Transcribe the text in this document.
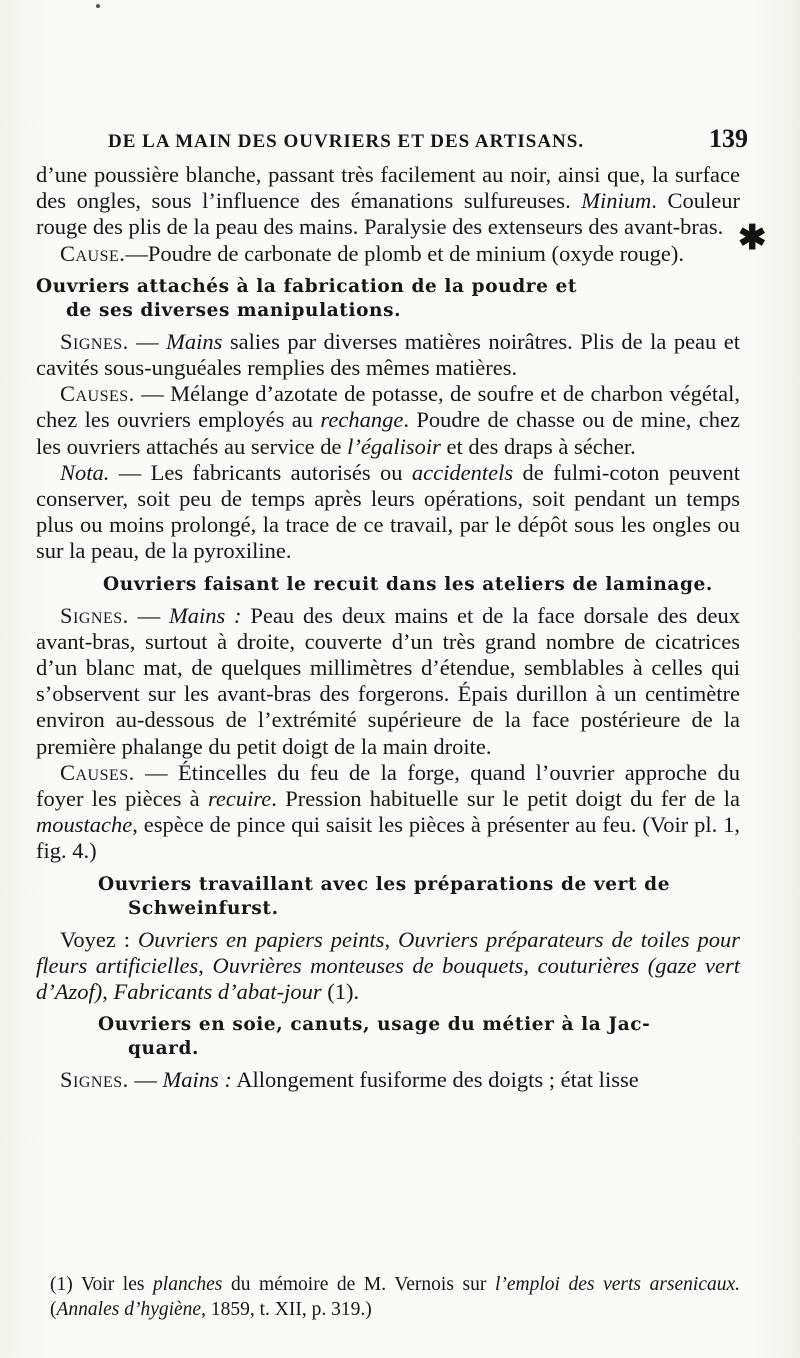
DE LA MAIN DES OUVRIERS ET DES ARTISANS.	139
✱

d’une poussière blanche, passant très facilement au noir, ainsi que, la surface des ongles, sous l’influence des émanations sulfureuses. Minium. Couleur rouge des plis de la peau des mains. Paralysie des extenseurs des avant-bras.

Cause.—Poudre de carbonate de plomb et de minium (oxyde rouge).

Ouvriers attachés à la fabrication de la poudre et
de ses diverses manipulations.

Signes. — Mains salies par diverses matières noirâtres. Plis de la peau et cavités sous-unguéales remplies des mêmes matières.

Causes. — Mélange d’azotate de potasse, de soufre et de charbon végétal, chez les ouvriers employés au rechange. Poudre de chasse ou de mine, chez les ouvriers attachés au service de l’égalisoir et des draps à sécher.

Nota. — Les fabricants autorisés ou accidentels de fulmi-coton peuvent conserver, soit peu de temps après leurs opérations, soit pendant un temps plus ou moins prolongé, la trace de ce travail, par le dépôt sous les ongles ou sur la peau, de la pyroxiline.

Ouvriers faisant le recuit dans les ateliers de laminage.

Signes. — Mains : Peau des deux mains et de la face dorsale des deux avant-bras, surtout à droite, couverte d’un très grand nombre de cicatrices d’un blanc mat, de quelques millimètres d’étendue, semblables à celles qui s’observent sur les avant-bras des forgerons. Épais durillon à un centimètre environ au-dessous de l’extrémité supérieure de la face postérieure de la première phalange du petit doigt de la main droite.

Causes. — Étincelles du feu de la forge, quand l’ouvrier approche du foyer les pièces à recuire. Pression habituelle sur le petit doigt du fer de la moustache, espèce de pince qui saisit les pièces à présenter au feu. (Voir pl. 1, fig. 4.)

Ouvriers travaillant avec les préparations de vert de
Schweinfurst.

Voyez : Ouvriers en papiers peints, Ouvriers préparateurs de toiles pour fleurs artificielles, Ouvrières monteuses de bouquets, couturières (gaze vert d’Azof), Fabricants d’abat-jour (1).

Ouvriers en soie, canuts, usage du métier à la Jac-
quard.

Signes. — Mains : Allongement fusiforme des doigts ; état lisse

(1) Voir les planches du mémoire de M. Vernois sur l’emploi des verts arsenicaux. (Annales d’hygiène, 1859, t. XII, p. 319.)
